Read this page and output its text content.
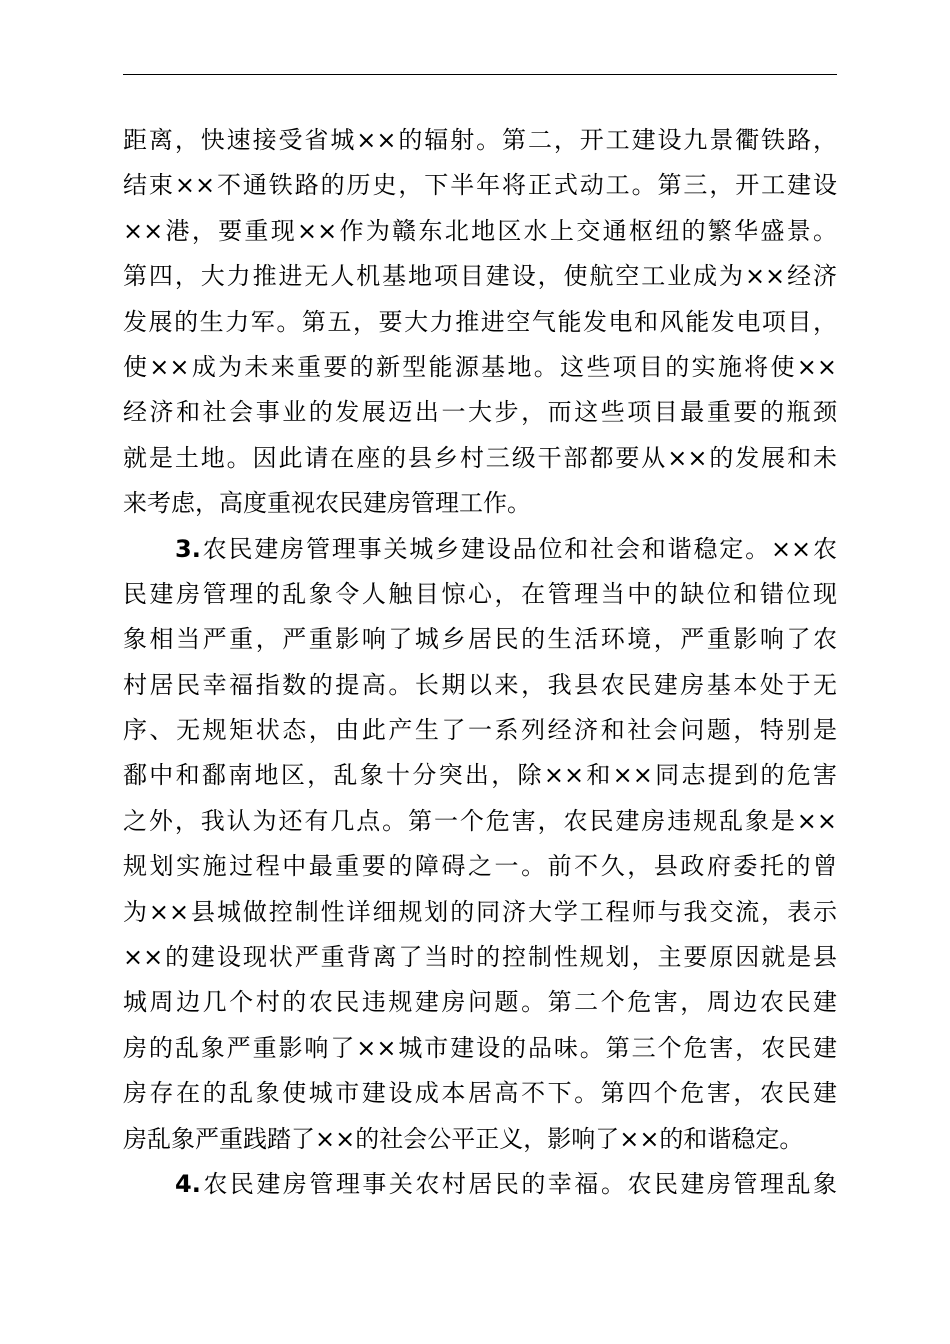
距离，快速接受省城××的辐射。第二，开工建设九景衢铁路，
结束××不通铁路的历史，下半年将正式动工。第三，开工建设
××港，要重现××作为赣东北地区水上交通枢纽的繁华盛景。
第四，大力推进无人机基地项目建设，使航空工业成为××经济
发展的生力军。第五，要大力推进空气能发电和风能发电项目，
使××成为未来重要的新型能源基地。这些项目的实施将使××
经济和社会事业的发展迈出一大步，而这些项目最重要的瓶颈
就是土地。因此请在座的县乡村三级干部都要从××的发展和未
来考虑，高度重视农民建房管理工作。
3.农民建房管理事关城乡建设品位和社会和谐稳定。××农
民建房管理的乱象令人触目惊心，在管理当中的缺位和错位现
象相当严重，严重影响了城乡居民的生活环境，严重影响了农
村居民幸福指数的提高。长期以来，我县农民建房基本处于无
序、无规矩状态，由此产生了一系列经济和社会问题，特别是
鄱中和鄱南地区，乱象十分突出，除××和××同志提到的危害
之外，我认为还有几点。第一个危害，农民建房违规乱象是××
规划实施过程中最重要的障碍之一。前不久，县政府委托的曾
为××县城做控制性详细规划的同济大学工程师与我交流，表示
××的建设现状严重背离了当时的控制性规划，主要原因就是县
城周边几个村的农民违规建房问题。第二个危害，周边农民建
房的乱象严重影响了××城市建设的品味。第三个危害，农民建
房存在的乱象使城市建设成本居高不下。第四个危害，农民建
房乱象严重践踏了××的社会公平正义，影响了××的和谐稳定。
4.农民建房管理事关农村居民的幸福。农民建房管理乱象
